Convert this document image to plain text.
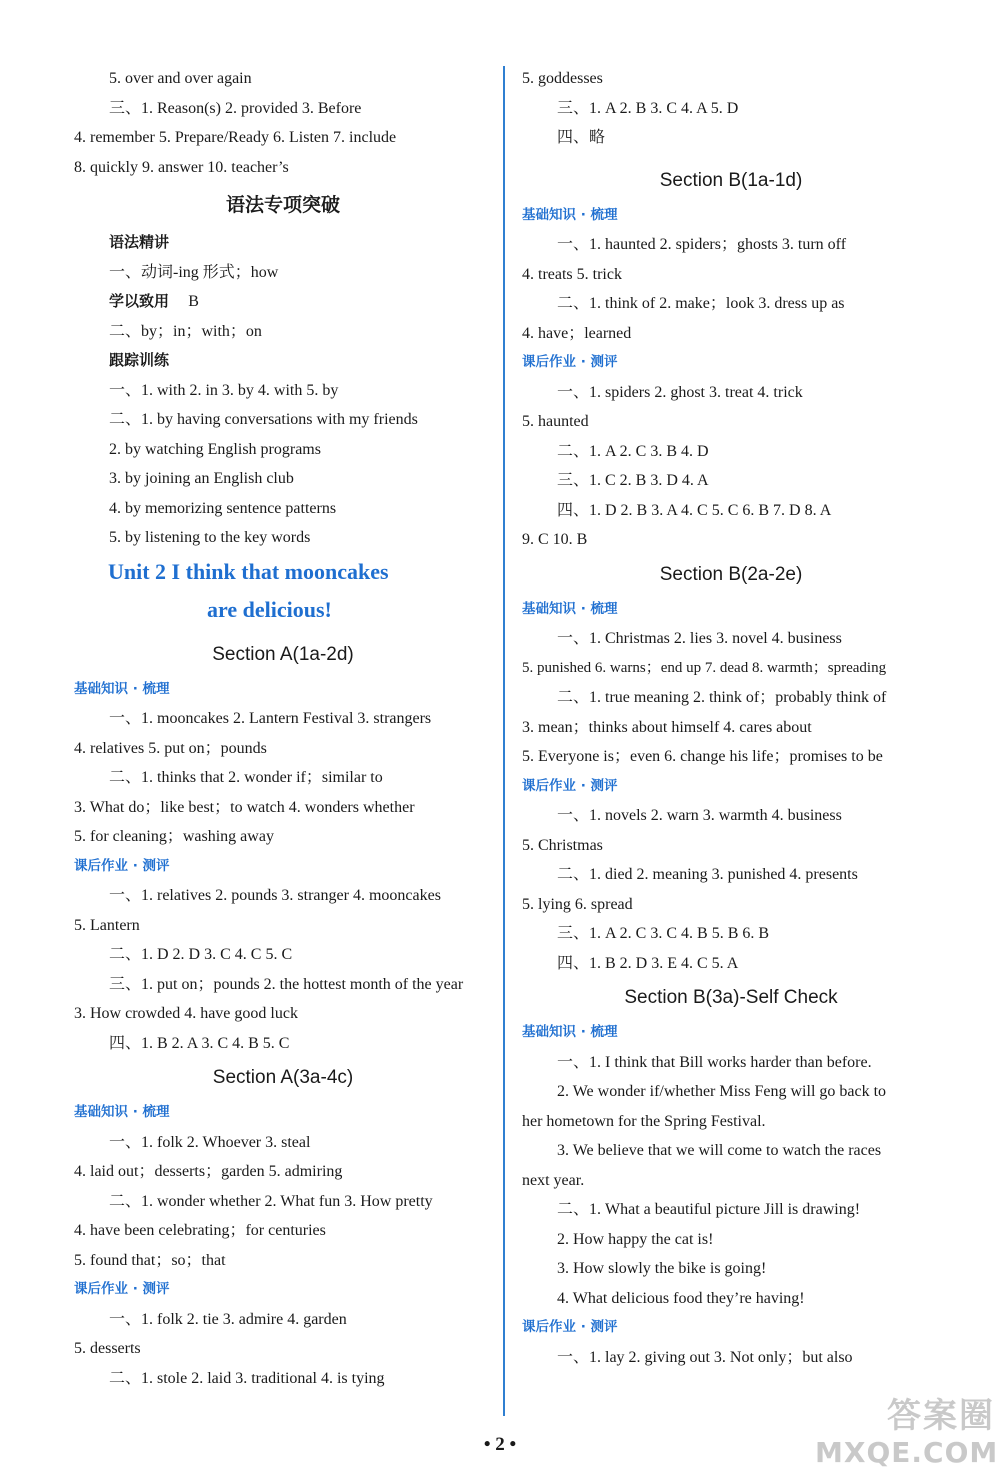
5. over and over again
三、1. Reason(s) 2. provided 3. Before
4. remember 5. Prepare/Ready 6. Listen 7. include
8. quickly 9. answer 10. teacher’s
语法专项突破
语法精讲
一、动词-ing 形式；how
学以致用 B
二、by；in；with；on
跟踪训练
一、1. with 2. in 3. by 4. with 5. by
二、1. by having conversations with my friends
2. by watching English programs
3. by joining an English club
4. by memorizing sentence patterns
5. by listening to the key words
Unit 2 I think that mooncakes
are delicious!
Section A(1a-2d)
基础知识 · 梳理
一、1. mooncakes 2. Lantern Festival 3. strangers
4. relatives 5. put on；pounds
二、1. thinks that 2. wonder if；similar to
3. What do；like best；to watch 4. wonders whether
5. for cleaning；washing away
课后作业 · 测评
一、1. relatives 2. pounds 3. stranger 4. mooncakes
5. Lantern
二、1. D 2. D 3. C 4. C 5. C
三、1. put on；pounds 2. the hottest month of the year
3. How crowded 4. have good luck
四、1. B 2. A 3. C 4. B 5. C
Section A(3a-4c)
基础知识 · 梳理
一、1. folk 2. Whoever 3. steal
4. laid out；desserts；garden 5. admiring
二、1. wonder whether 2. What fun 3. How pretty
4. have been celebrating；for centuries
5. found that；so；that
课后作业 · 测评
一、1. folk 2. tie 3. admire 4. garden
5. desserts
二、1. stole 2. laid 3. traditional 4. is tying
5. goddesses
三、1. A 2. B 3. C 4. A 5. D
四、略
Section B(1a-1d)
基础知识 · 梳理
一、1. haunted 2. spiders；ghosts 3. turn off
4. treats 5. trick
二、1. think of 2. make；look 3. dress up as
4. have；learned
课后作业 · 测评
一、1. spiders 2. ghost 3. treat 4. trick
5. haunted
二、1. A 2. C 3. B 4. D
三、1. C 2. B 3. D 4. A
四、1. D 2. B 3. A 4. C 5. C 6. B 7. D 8. A
9. C 10. B
Section B(2a-2e)
基础知识 · 梳理
一、1. Christmas 2. lies 3. novel 4. business
5. punished 6. warns；end up 7. dead 8. warmth；spreading
二、1. true meaning 2. think of；probably think of
3. mean；thinks about himself 4. cares about
5. Everyone is；even 6. change his life；promises to be
课后作业 · 测评
一、1. novels 2. warn 3. warmth 4. business
5. Christmas
二、1. died 2. meaning 3. punished 4. presents
5. lying 6. spread
三、1. A 2. C 3. C 4. B 5. B 6. B
四、1. B 2. D 3. E 4. C 5. A
Section B(3a)-Self Check
基础知识 · 梳理
一、1. I think that Bill works harder than before.
2. We wonder if/whether Miss Feng will go back to
her hometown for the Spring Festival.
3. We believe that we will come to watch the races
next year.
二、1. What a beautiful picture Jill is drawing!
2. How happy the cat is!
3. How slowly the bike is going!
4. What delicious food they’re having!
课后作业 · 测评
一、1. lay 2. giving out 3. Not only；but also
• 2 •
答案圈
MXQE.COM
